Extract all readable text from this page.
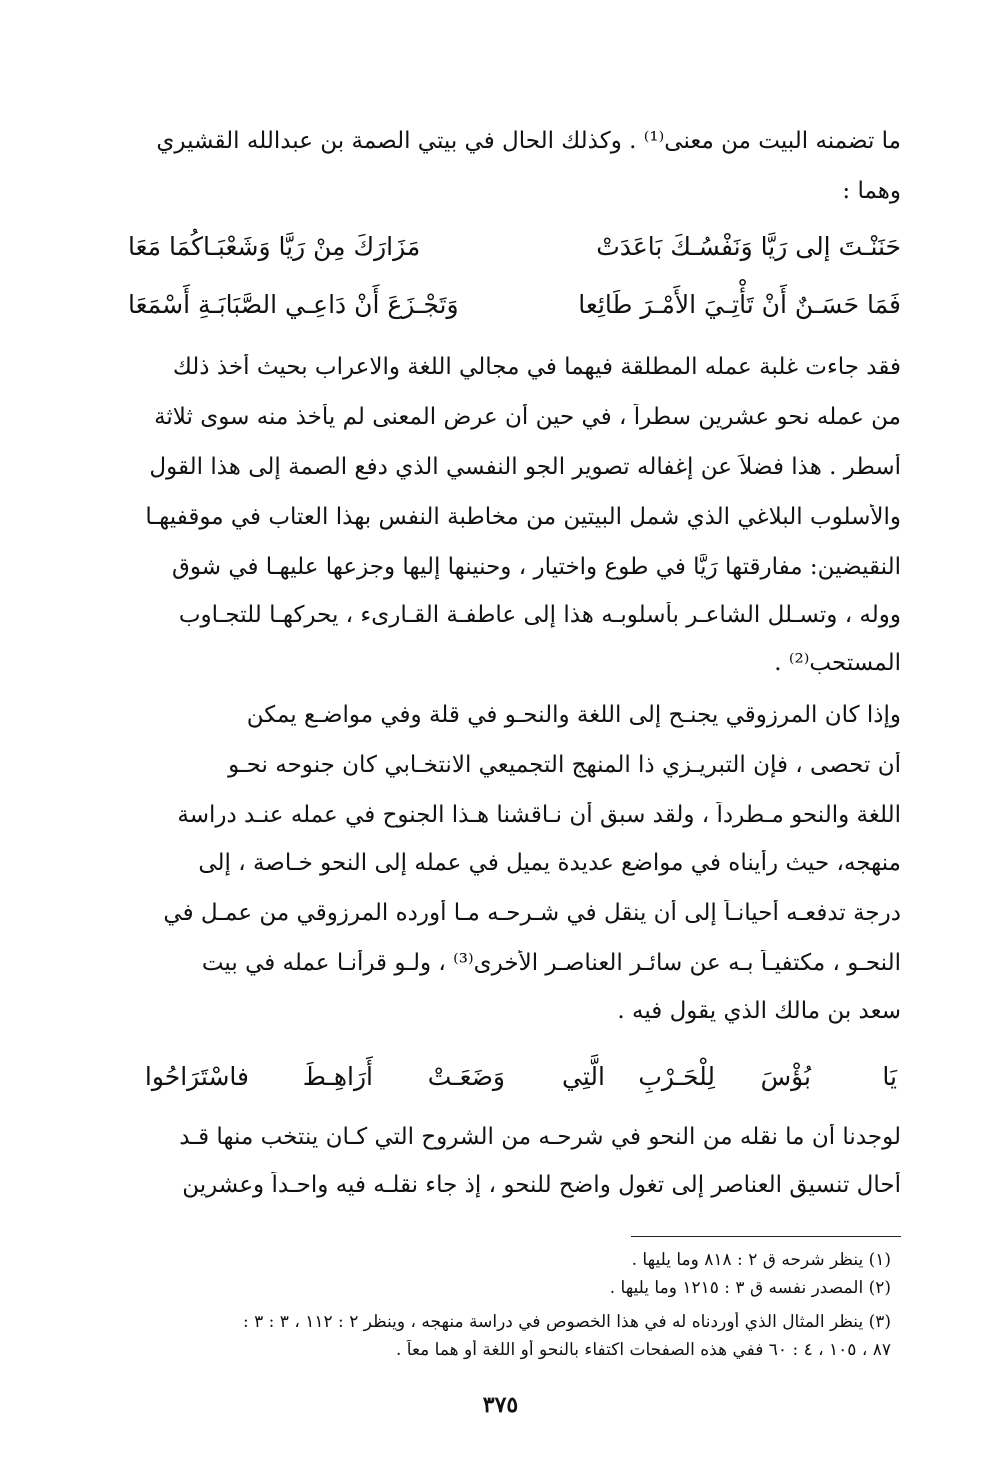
ما تضمنه البيت من معنى⁽¹⁾ . وكذلك الحال في بيتي الصمة بن عبدالله القشيري
وهما :
حَنَنْـتَ إلى رَيَّا وَنَفْسُـكَ بَاعَدَتْ
مَزَارَكَ مِنْ رَيَّا وَشَعْبَـاكُمَا مَعَا
فَمَا حَسَـنٌ أَنْ تَأْتِـيَ الأَمْـرَ طَائِعا
وَتَجْـزَعَ أَنْ دَاعِـي الصَّبَابَـةِ أَسْمَعَا
فقد جاءت غلبة عمله المطلقة فيهما في مجالي اللغة والاعراب بحيث أخذ ذلك
من عمله نحو عشرين سطراً ، في حين أن عرض المعنى لم يأخذ منه سوى ثلاثة
أسطر . هذا فضلاً عن إغفاله تصوير الجو النفسي الذي دفع الصمة إلى هذا القول
والأسلوب البلاغي الذي شمل البيتين من مخاطبة النفس بهذا العتاب في موقفيهـا
النقيضين: مفارقتها رَيَّا في طوع واختيار ، وحنينها إليها وجزعها عليهـا في شوق
ووله ، وتسـلل الشاعـر بأسلوبـه هذا إلى عاطفـة القـارىء ، يحركهـا للتجـاوب
المستحب⁽²⁾ .
وإذا كان المرزوقي يجنـح إلى اللغة والنحـو في قلة وفي مواضـع يمكن
أن تحصى ، فإن التبريـزي ذا المنهج التجميعي الانتخـابي كان جنوحه نحـو
اللغة والنحو مـطرداً ، ولقد سبق أن نـاقشنا هـذا الجنوح في عمله عنـد دراسة
منهجه، حيث رأيناه في مواضع عديدة يميل في عمله إلى النحو خـاصة ، إلى
درجة تدفعـه أحيانـاً إلى أن ينقل في شـرحـه مـا أورده المرزوقي من عمـل في
النحـو ، مكتفيـاً بـه عن سائـر العناصـر الأخرى⁽³⁾ ، ولـو قرأنـا عمله في بيت
سعد بن مالك الذي يقول فيه .
يَا
بُؤْسَ
لِلْحَـرْبِ
الَّتِي
وَضَعَـتْ
أَرَاهِـطَ
فاسْتَرَاحُوا
لوجدنا أن ما نقله من النحو في شرحـه من الشروح التي كـان ينتخب منها قـد
أحال تنسيق العناصر إلى تغول واضح للنحو ، إذ جاء نقلـه فيه واحـداً وعشرين
(١) ينظر شرحه ق ٢ : ٨١٨ وما يليها .
(٢) المصدر نفسه ق ٣ : ١٢١٥ وما يليها .
(٣) ينظر المثال الذي أوردناه له في هذا الخصوص في دراسة منهجه ، وينظر ٢ : ١١٢ ، ٣ : ٣ :
٨٧ ، ١٠٥ ، ٤ : ٦٠ ففي هذه الصفحات اكتفاء بالنحو أو اللغة أو هما معاً .
٣٧٥
